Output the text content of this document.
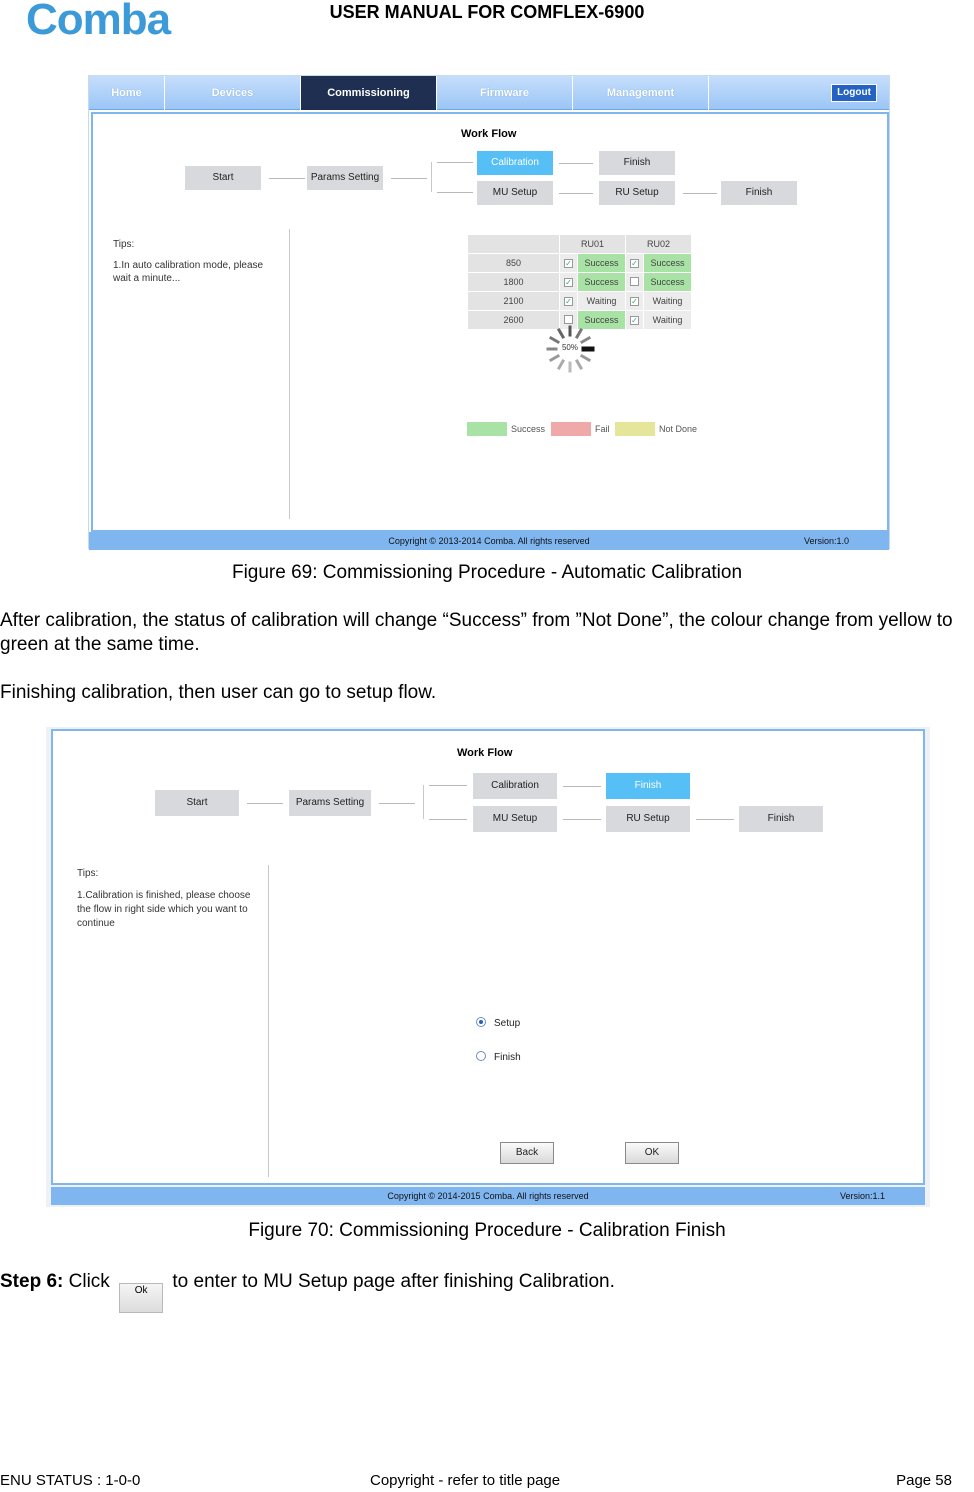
Comba	USER MANUAL FOR COMFLEX-6900
Home	Devices	Commissioning	Firmware	Management	Logout
Work Flow
Start	Params Setting
Calibration	Finish
MU Setup	RU Setup	Finish
Tips:
1.In auto calibration mode, please wait a minute...
	RU01		RU02	
850	✓	Success	✓	Success
1800	✓	Success		Success
2100	✓	Waiting	✓	Waiting
2600		Success	✓	Waiting
50%
Success	Fail	Not Done
Copyright © 2013-2014 Comba. All rights reserved	Version:1.0
Figure 69: Commissioning Procedure - Automatic Calibration
After calibration, the status of calibration will change “Success” from ”Not Done”, the colour change from yellow to green at the same time.
Finishing calibration, then user can go to setup flow.
Work Flow
Start	Params Setting
Calibration	Finish
MU Setup	RU Setup	Finish
Tips:
1.Calibration is finished, please choose the flow in right side which you want to continue
Setup
Finish
Back	OK
Copyright © 2014-2015 Comba. All rights reserved	Version:1.1
Figure 70: Commissioning Procedure - Calibration Finish
Step 6: Click Ok to enter to MU Setup page after finishing Calibration.
ENU STATUS : 1-0-0	Copyright - refer to title page	Page 58
